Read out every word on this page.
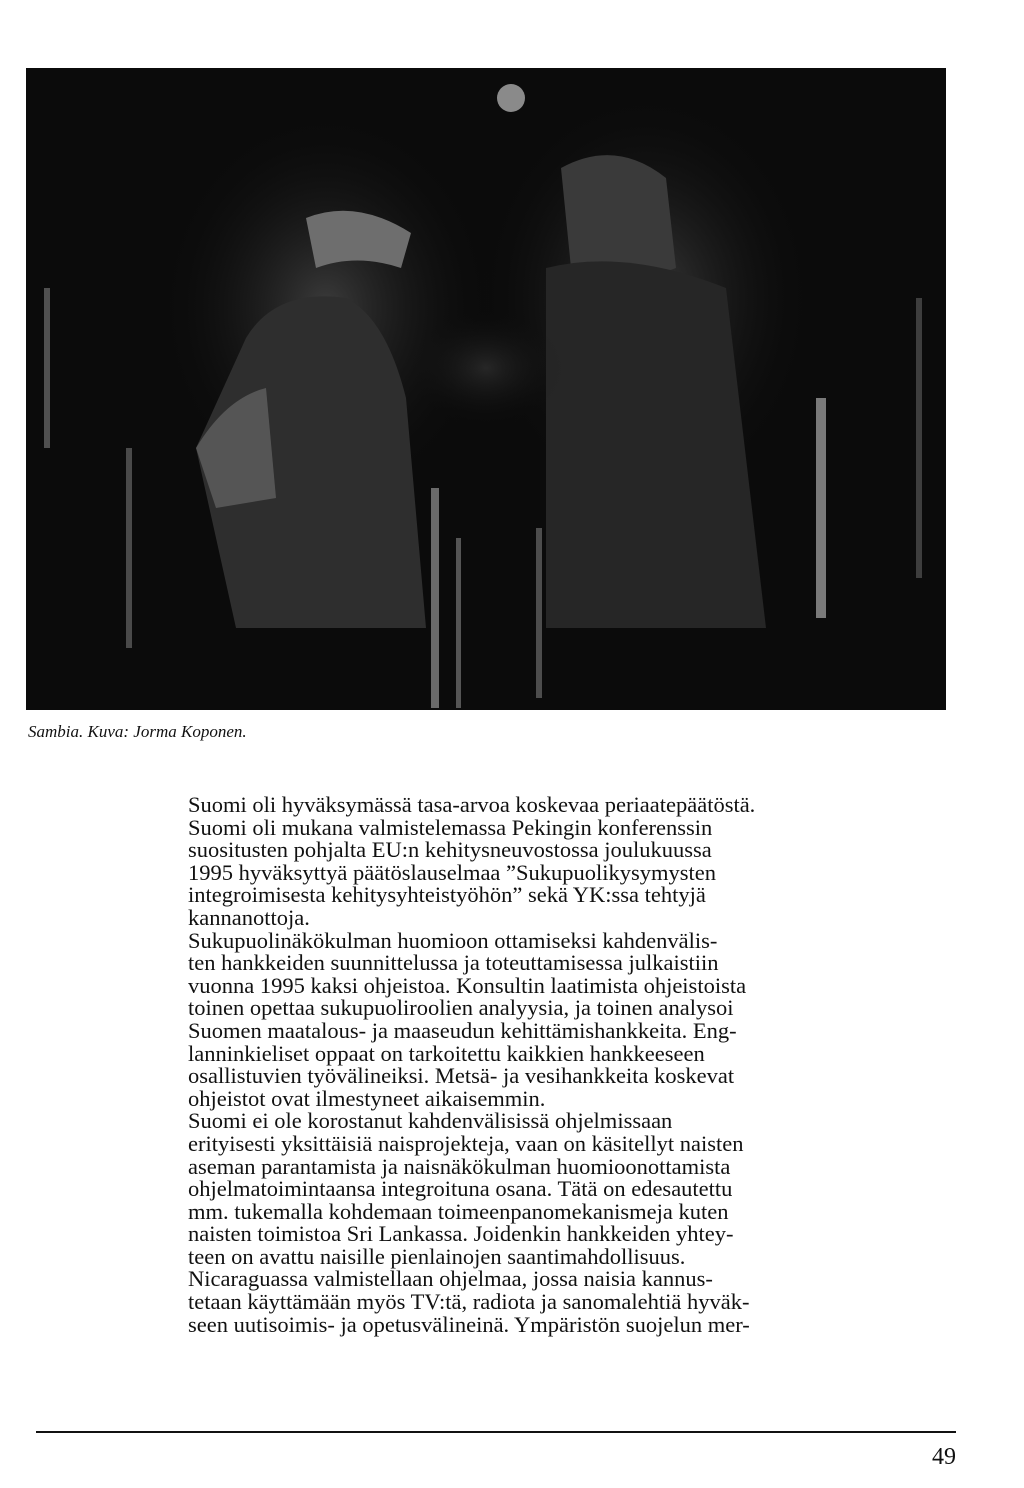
Sambia. Kuva: Jorma Koponen.
Suomi oli hyväksymässä tasa-arvoa koskevaa periaatepäätöstä.
Suomi oli mukana valmistelemassa Pekingin konferenssin
suositusten pohjalta EU:n kehitysneuvostossa joulukuussa
1995 hyväksyttyä päätöslauselmaa ”Sukupuolikysymysten
integroimisesta kehitysyhteistyöhön” sekä YK:ssa tehtyjä
kannanottoja.
Sukupuolinäkökulman huomioon ottamiseksi kahdenvälis-
ten hankkeiden suunnittelussa ja toteuttamisessa julkaistiin
vuonna 1995 kaksi ohjeistoa. Konsultin laatimista ohjeistoista
toinen opettaa sukupuoliroolien analyysia, ja toinen analysoi
Suomen maatalous- ja maaseudun kehittämishankkeita. Eng-
lanninkieliset oppaat on tarkoitettu kaikkien hankkeeseen
osallistuvien työvälineiksi. Metsä- ja vesihankkeita koskevat
ohjeistot ovat ilmestyneet aikaisemmin.
Suomi ei ole korostanut kahdenvälisissä ohjelmissaan
erityisesti yksittäisiä naisprojekteja, vaan on käsitellyt naisten
aseman parantamista ja naisnäkökulman huomioonottamista
ohjelmatoimintaansa integroituna osana. Tätä on edesautettu
mm. tukemalla kohdemaan toimeenpanomekanismeja kuten
naisten toimistoa Sri Lankassa. Joidenkin hankkeiden yhtey-
teen on avattu naisille pienlainojen saantimahdollisuus.
Nicaraguassa valmistellaan ohjelmaa, jossa naisia kannus-
tetaan käyttämään myös TV:tä, radiota ja sanomalehtiä hyväk-
seen uutisoimis- ja opetusvälineinä. Ympäristön suojelun mer-
49
